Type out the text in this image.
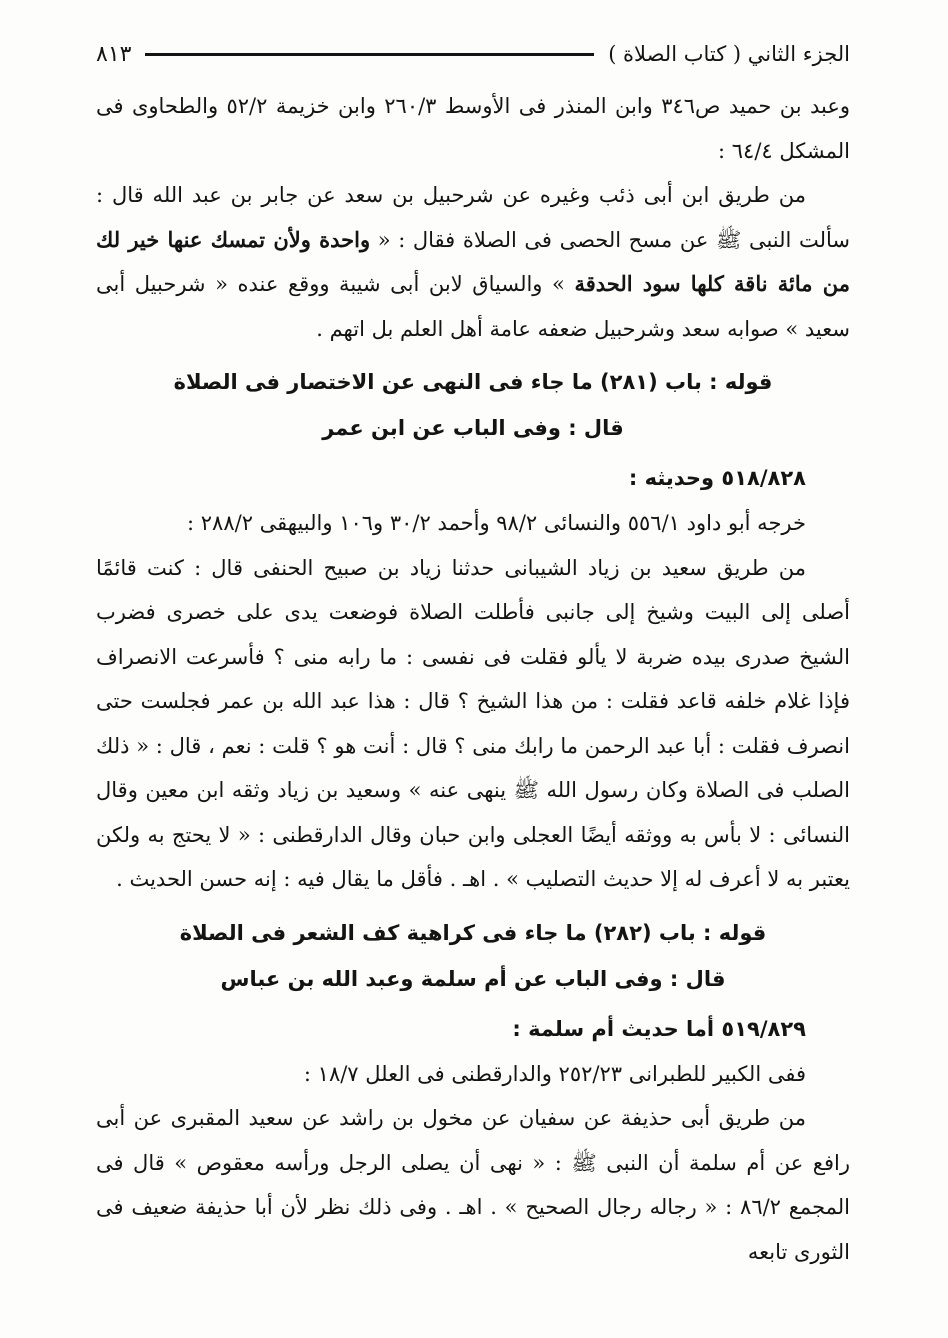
الجزء الثاني ( كتاب الصلاة )
٨١٣

وعبد بن حميد ص٣٤٦ وابن المنذر فى الأوسط ٢٦٠/٣ وابن خزيمة ٥٢/٢ والطحاوى فى المشكل ٦٤/٤ :

من طريق ابن أبى ذئب وغيره عن شرحبيل بن سعد عن جابر بن عبد الله قال : سألت النبى ﷺ عن مسح الحصى فى الصلاة فقال : « واحدة ولأن تمسك عنها خير لك من مائة ناقة كلها سود الحدقة » والسياق لابن أبى شيبة ووقع عنده « شرحبيل أبى سعيد » صوابه سعد وشرحبيل ضعفه عامة أهل العلم بل اتهم .

قوله : باب (٢٨١) ما جاء فى النهى عن الاختصار فى الصلاة

قال : وفى الباب عن ابن عمر

٥١٨/٨٢٨ وحديثه :

خرجه أبو داود ٥٥٦/١ والنسائى ٩٨/٢ وأحمد ٣٠/٢ و١٠٦ والبيهقى ٢٨٨/٢ :

من طريق سعيد بن زياد الشيبانى حدثنا زياد بن صبيح الحنفى قال : كنت قائمًا أصلى إلى البيت وشيخ إلى جانبى فأطلت الصلاة فوضعت يدى على خصرى فضرب الشيخ صدرى بيده ضربة لا يألو فقلت فى نفسى : ما رابه منى ؟ فأسرعت الانصراف فإذا غلام خلفه قاعد فقلت : من هذا الشيخ ؟ قال : هذا عبد الله بن عمر فجلست حتى انصرف فقلت : أبا عبد الرحمن ما رابك منى ؟ قال : أنت هو ؟ قلت : نعم ، قال : « ذلك الصلب فى الصلاة وكان رسول الله ﷺ ينهى عنه » وسعيد بن زياد وثقه ابن معين وقال النسائى : لا بأس به ووثقه أيضًا العجلى وابن حبان وقال الدارقطنى : « لا يحتج به ولكن يعتبر به لا أعرف له إلا حديث التصليب » . اهـ . فأقل ما يقال فيه : إنه حسن الحديث .

قوله : باب (٢٨٢) ما جاء فى كراهية كف الشعر فى الصلاة

قال : وفى الباب عن أم سلمة وعبد الله بن عباس

٥١٩/٨٢٩ أما حديث أم سلمة :

ففى الكبير للطبرانى ٢٥٢/٢٣ والدارقطنى فى العلل ١٨/٧ :

من طريق أبى حذيفة عن سفيان عن مخول بن راشد عن سعيد المقبرى عن أبى رافع عن أم سلمة أن النبى ﷺ : « نهى أن يصلى الرجل ورأسه معقوص » قال فى المجمع ٨٦/٢ : « رجاله رجال الصحيح » . اهـ . وفى ذلك نظر لأن أبا حذيفة ضعيف فى الثورى تابعه
